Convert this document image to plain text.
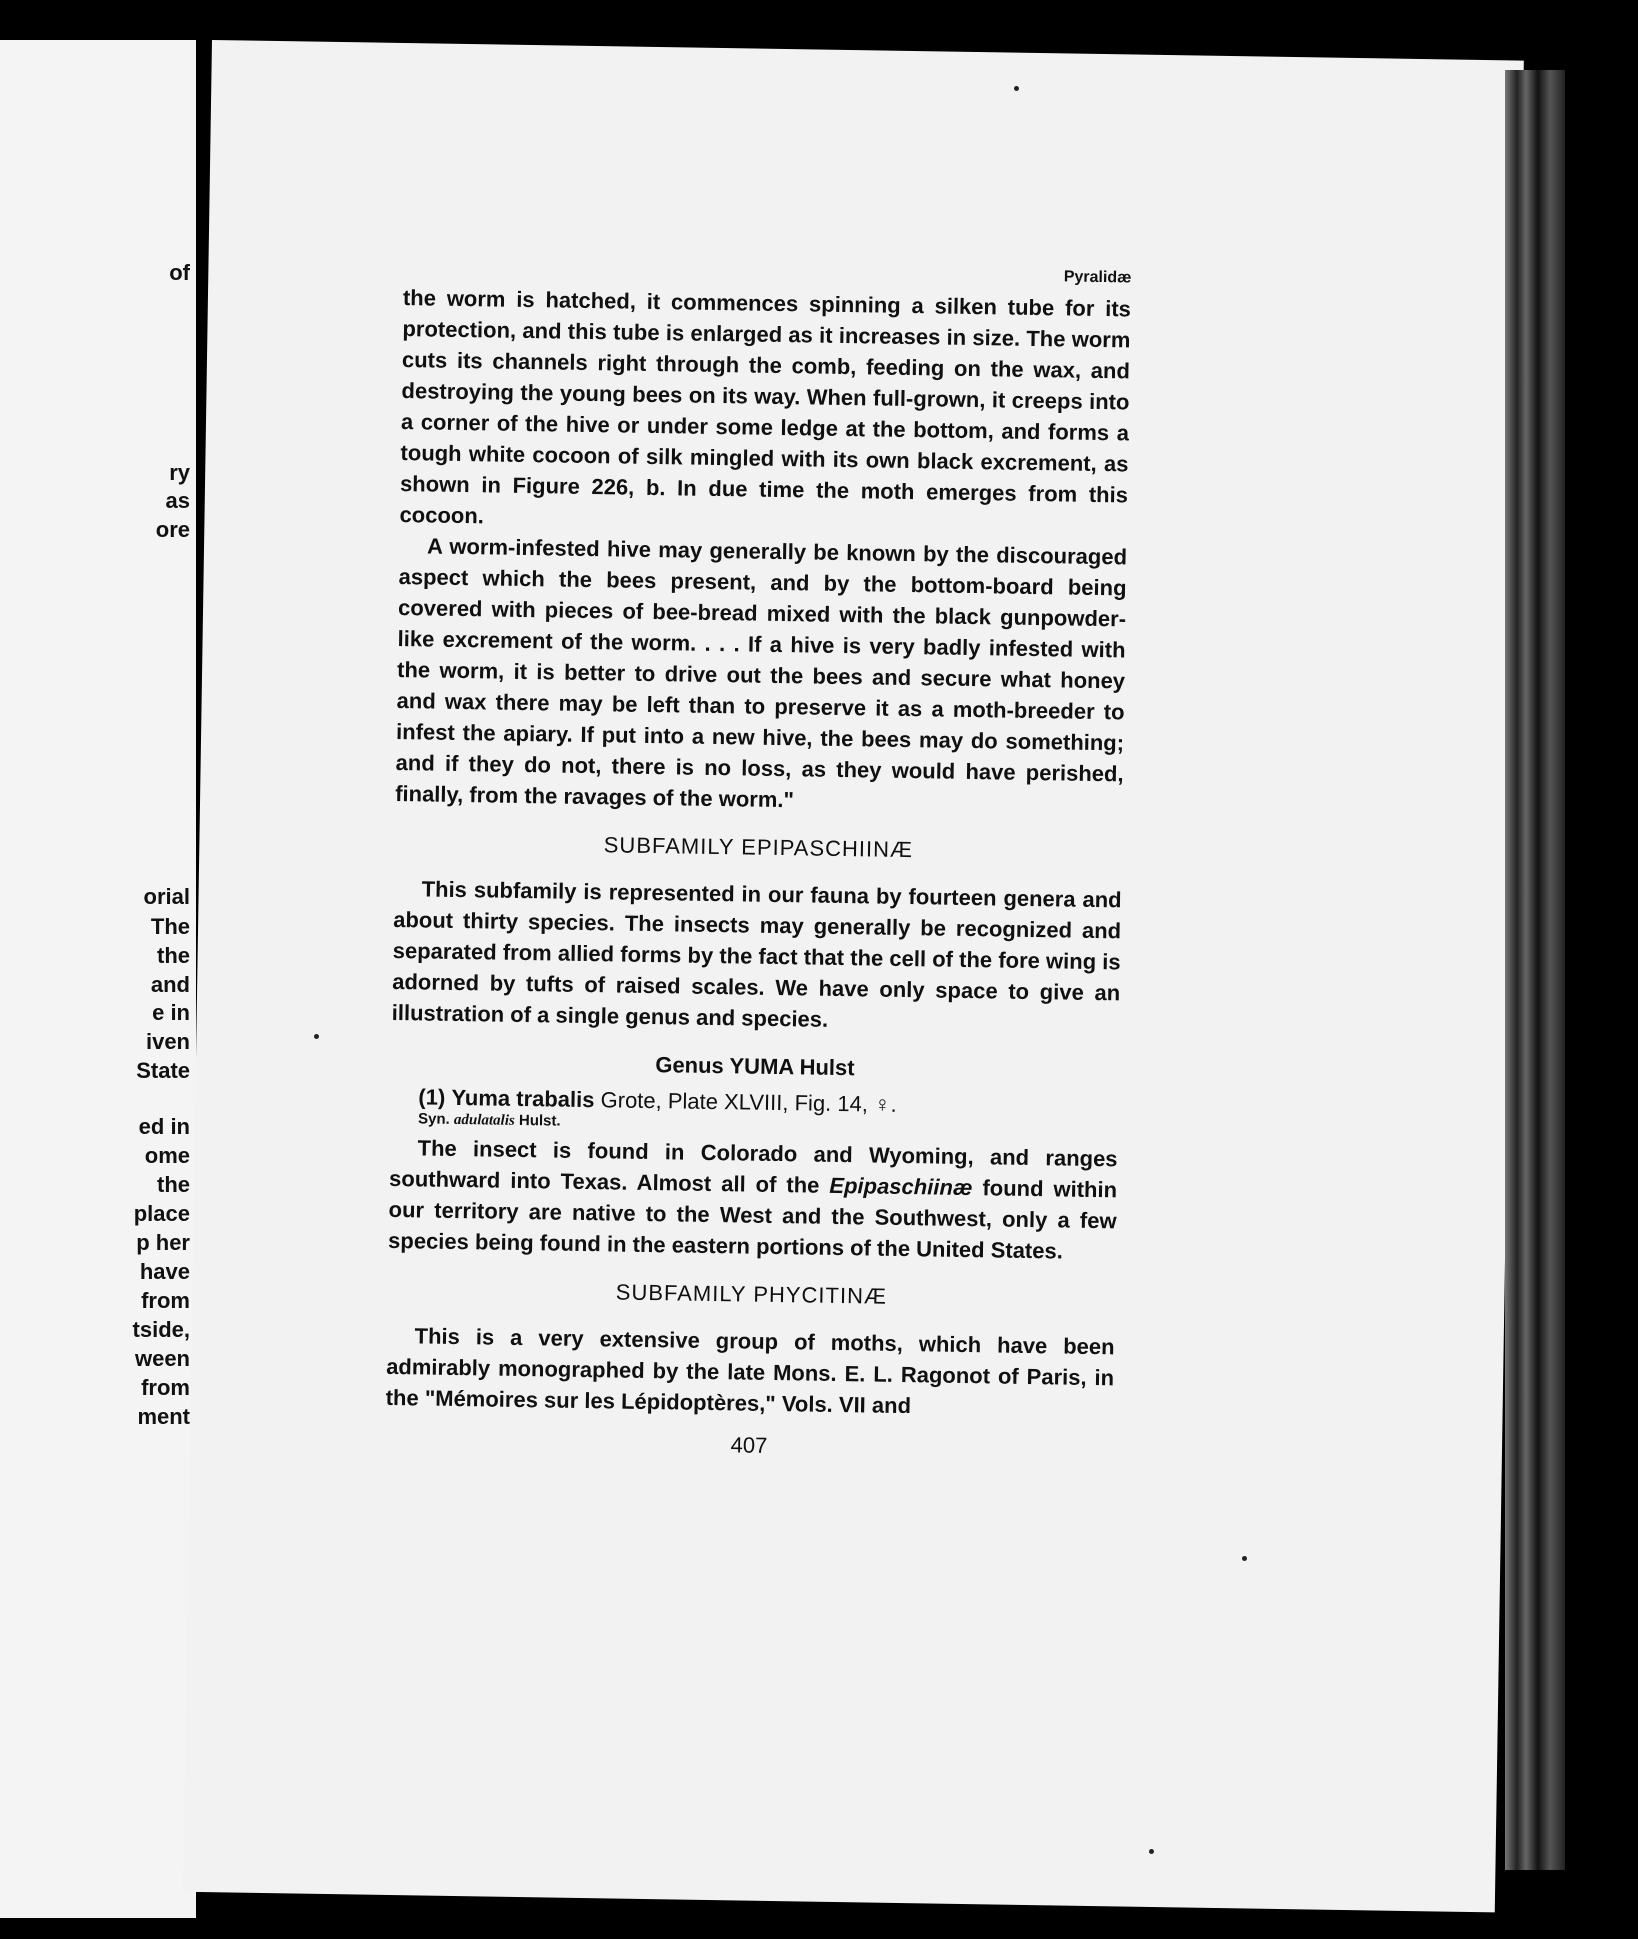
of
ry
as
ore
orial
The
the
and
e in
iven
State
ed in
ome
the
place
p her
have
from
tside,
ween
from
ment
Pyralidæ

the worm is hatched, it commences spinning a silken tube for its protection, and this tube is enlarged as it increases in size. The worm cuts its channels right through the comb, feeding on the wax, and destroying the young bees on its way. When full-grown, it creeps into a corner of the hive or under some ledge at the bottom, and forms a tough white cocoon of silk mingled with its own black excrement, as shown in Figure 226, b. In due time the moth emerges from this cocoon.

A worm-infested hive may generally be known by the discouraged aspect which the bees present, and by the bottom-board being covered with pieces of bee-bread mixed with the black gunpowder-like excrement of the worm. . . . If a hive is very badly infested with the worm, it is better to drive out the bees and secure what honey and wax there may be left than to preserve it as a moth-breeder to infest the apiary. If put into a new hive, the bees may do something; and if they do not, there is no loss, as they would have perished, finally, from the ravages of the worm."

SUBFAMILY EPIPASCHIINÆ

This subfamily is represented in our fauna by fourteen genera and about thirty species. The insects may generally be recognized and separated from allied forms by the fact that the cell of the fore wing is adorned by tufts of raised scales. We have only space to give an illustration of a single genus and species.

Genus YUMA Hulst
(1) Yuma trabalis Grote, Plate XLVIII, Fig. 14, ♀.
Syn. adulatalis Hulst.

The insect is found in Colorado and Wyoming, and ranges southward into Texas. Almost all of the Epipaschiinæ found within our territory are native to the West and the Southwest, only a few species being found in the eastern portions of the United States.

SUBFAMILY PHYCITINÆ

This is a very extensive group of moths, which have been admirably monographed by the late Mons. E. L. Ragonot of Paris, in the "Mémoires sur les Lépidoptères," Vols. VII and

407
